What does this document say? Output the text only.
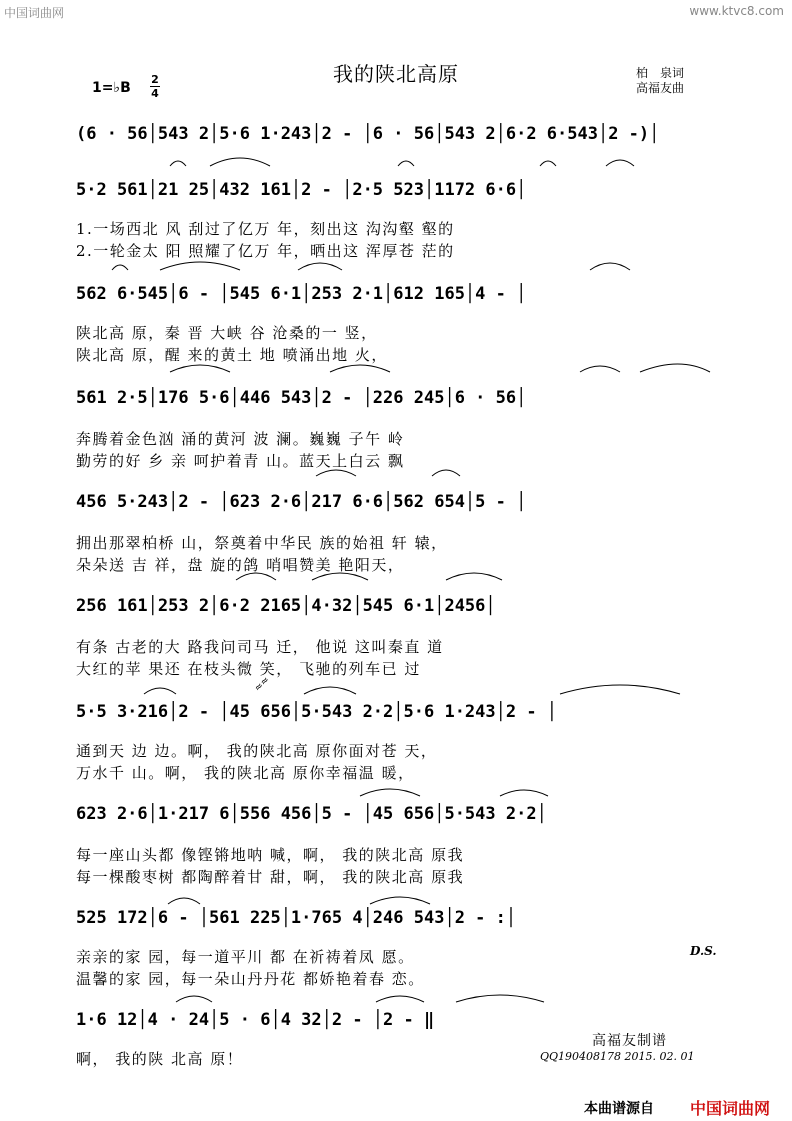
≈≈
中国词曲网	www.ktvc8.com
我的陕北高原	柏　泉词
高福友曲
1=♭B
2
4
(6 · 56│543 2│5·6 1·243│2 - │6 · 56│543 2│6·2 6·543│2 -)│
5·2 561│21 25│432 161│2 - │2·5 523│1172 6·6│
1.一场西北 风 刮过了亿万 年，刻出这 沟沟壑 壑的
2.一轮金太 阳 照耀了亿万 年，晒出这 浑厚苍 茫的
562 6·545│6 - │545 6·1│253 2·1│612 165│4 - │
陕北高 原，秦 晋 大峡 谷 沧桑的一 竖，
陕北高 原，醒 来的黄土 地 喷涌出地 火，
561 2·5│176 5·6│446 543│2 - │226 245│6 · 56│
奔腾着金色汹 涌的黄河 波 澜。巍巍 子午 岭
勤劳的好 乡 亲 呵护着青 山。蓝天上白云 飘
456 5·243│2 - │623 2·6│217 6·6│562 654│5 - │
拥出那翠柏桥 山，祭奠着中华民 族的始祖 轩 辕，
朵朵送 吉 祥，盘 旋的鸽 哨唱赞美 艳阳天，
256 161│253 2│6·2 2165│4·32│545 6·1│2456│
有条 古老的大 路我问司马 迁， 他说 这叫秦直 道
大红的苹 果还 在枝头微 笑， 飞驰的列车已 过
5·5 3·216│2 - │45 656│5·543 2·2│5·6 1·243│2 - │
通到天 边 边。啊， 我的陕北高 原你面对苍 天，
万水千 山。啊， 我的陕北高 原你幸福温 暖，
623 2·6│1·217 6│556 456│5 - │45 656│5·543 2·2│
每一座山头都 像铿锵地呐 喊，啊， 我的陕北高 原我
每一棵酸枣树 都陶醉着甘 甜，啊， 我的陕北高 原我
525 172│6 - │561 225│1·765 4│246 543│2 - :│
亲亲的家 园，每一道平川 都 在祈祷着凤 愿。
温馨的家 园，每一朵山丹丹花 都娇艳着春 恋。
D.S.
1·6 12│4 · 24│5 · 6│4 32│2 - │2 - ‖
啊， 我的陕 北高 原！
高福友制谱
QQ190408178 2015. 02. 01
本曲谱源自 中国词曲网
